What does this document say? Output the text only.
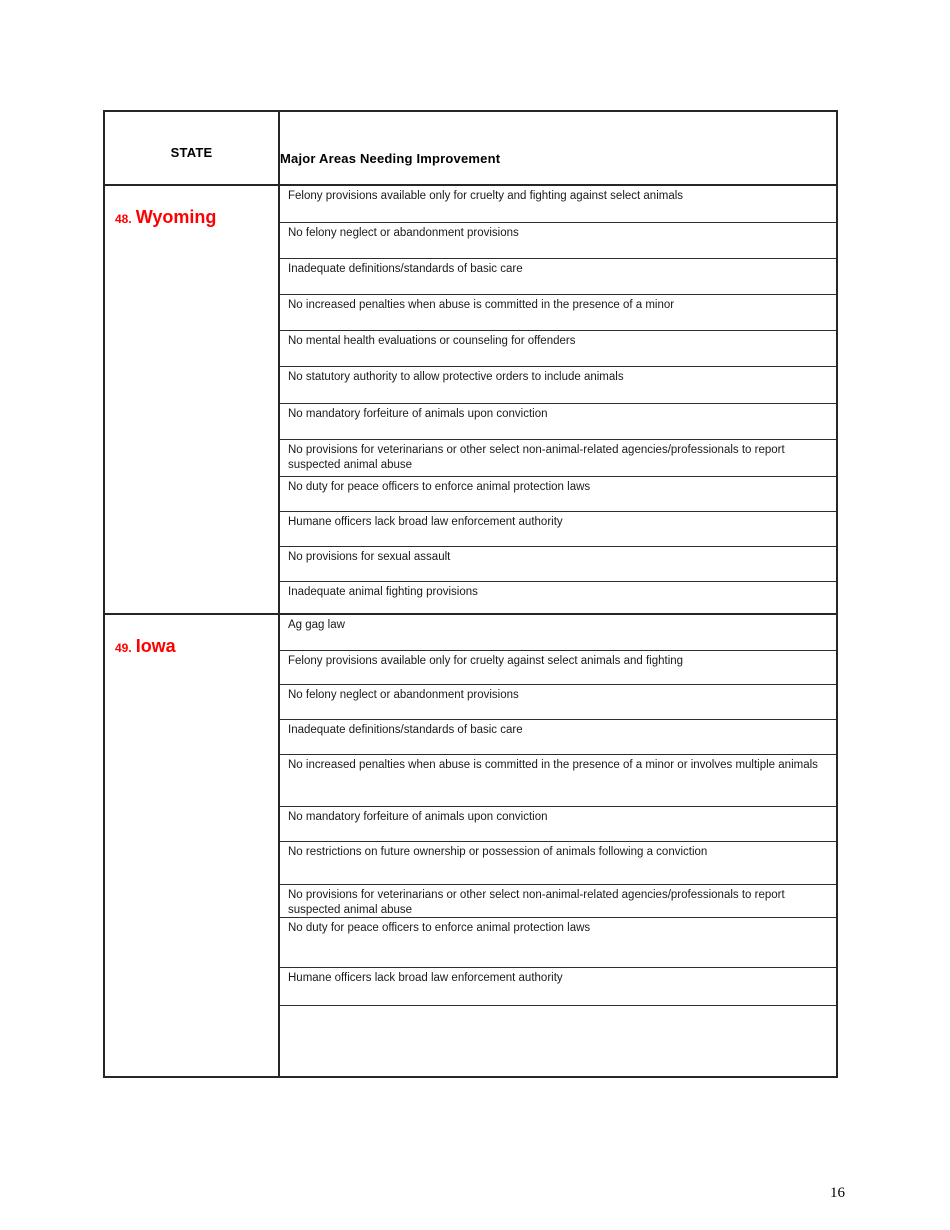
STATE	Major Areas Needing Improvement
48. Wyoming
Felony provisions available only for cruelty and fighting against select animals
No felony neglect or abandonment provisions
Inadequate definitions/standards of basic care
No increased penalties when abuse is committed in the presence of a minor
No mental health evaluations or counseling for offenders
No statutory authority to allow protective orders to include animals
No mandatory forfeiture of animals upon conviction
No provisions for veterinarians or other select non-animal-related agencies/professionals to report suspected animal abuse
No duty for peace officers to enforce animal protection laws
Humane officers lack broad law enforcement authority
No provisions for sexual assault
Inadequate animal fighting provisions
49. Iowa
Ag gag law
Felony provisions available only for cruelty against select animals and fighting
No felony neglect or abandonment provisions
Inadequate definitions/standards of basic care
No increased penalties when abuse is committed in the presence of a minor or involves multiple animals
No mandatory forfeiture of animals upon conviction
No restrictions on future ownership or possession of animals following a conviction
No provisions for veterinarians or other select non-animal-related agencies/professionals to report suspected animal abuse
No duty for peace officers to enforce animal protection laws
Humane officers lack broad law enforcement authority
16
